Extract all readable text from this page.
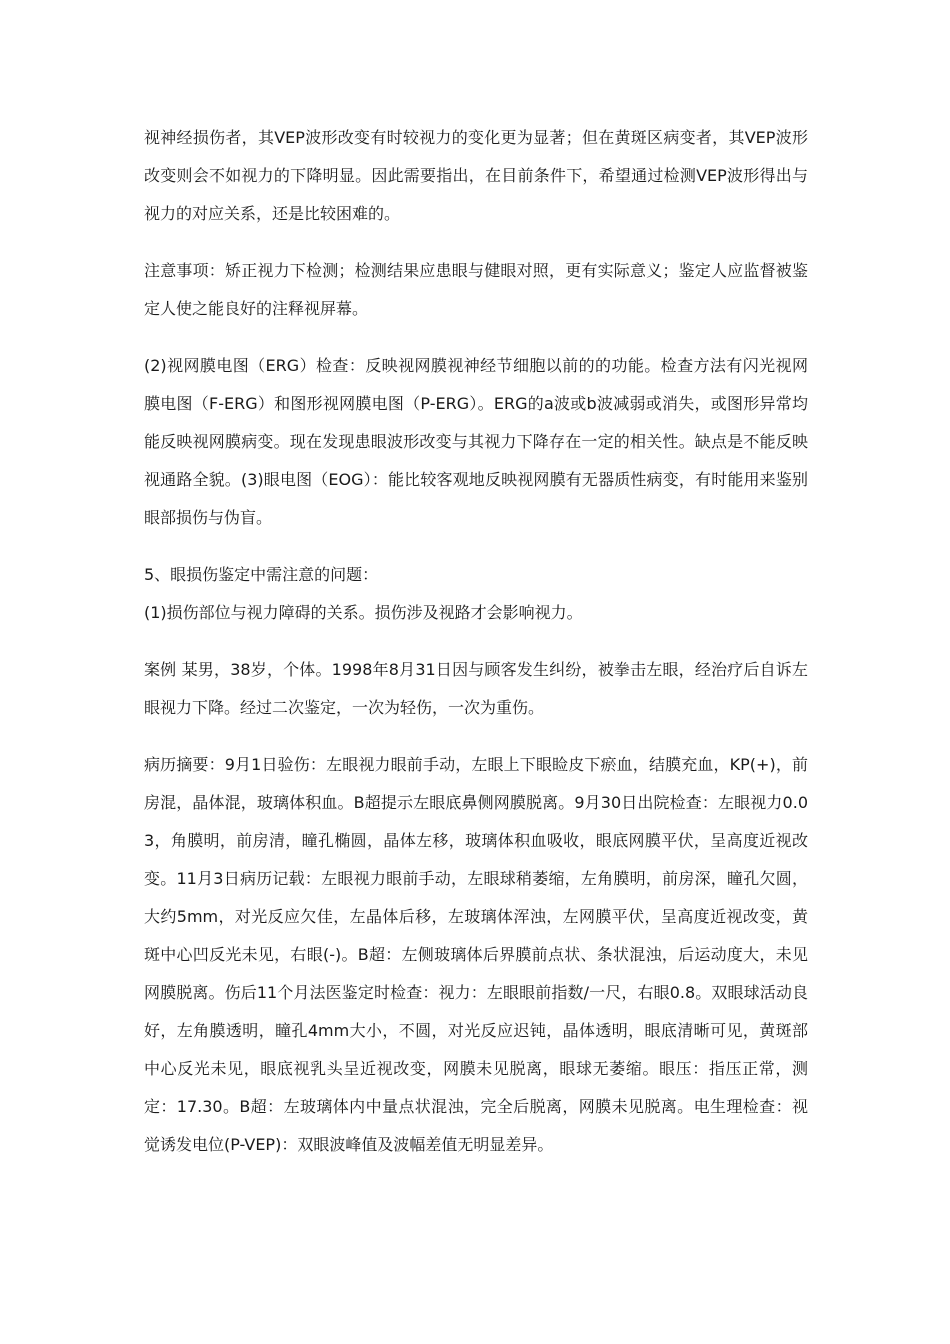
视神经损伤者，其VEP波形改变有时较视力的变化更为显著；但在黄斑区病变者，其VEP波形改变则会不如视力的下降明显。因此需要指出，在目前条件下，希望通过检测VEP波形得出与视力的对应关系，还是比较困难的。

注意事项：矫正视力下检测；检测结果应患眼与健眼对照，更有实际意义；鉴定人应监督被鉴定人使之能良好的注释视屏幕。

(2)视网膜电图（ERG）检查：反映视网膜视神经节细胞以前的的功能。检查方法有闪光视网膜电图（F-ERG）和图形视网膜电图（P-ERG）。ERG的a波或b波减弱或消失，或图形异常均能反映视网膜病变。现在发现患眼波形改变与其视力下降存在一定的相关性。缺点是不能反映视通路全貌。(3)眼电图（EOG）：能比较客观地反映视网膜有无器质性病变，有时能用来鉴别眼部损伤与伪盲。

5、眼损伤鉴定中需注意的问题：

(1)损伤部位与视力障碍的关系。损伤涉及视路才会影响视力。

案例 某男，38岁，个体。1998年8月31日因与顾客发生纠纷，被拳击左眼，经治疗后自诉左眼视力下降。经过二次鉴定，一次为轻伤，一次为重伤。

病历摘要：9月1日验伤：左眼视力眼前手动，左眼上下眼睑皮下瘀血，结膜充血，KP(+)，前房混，晶体混，玻璃体积血。B超提示左眼底鼻侧网膜脱离。9月30日出院检查：左眼视力0.03，角膜明，前房清，瞳孔椭圆，晶体左移，玻璃体积血吸收，眼底网膜平伏，呈高度近视改变。11月3日病历记载：左眼视力眼前手动，左眼球稍萎缩，左角膜明，前房深，瞳孔欠圆，大约5mm，对光反应欠佳，左晶体后移，左玻璃体浑浊，左网膜平伏，呈高度近视改变，黄斑中心凹反光未见，右眼(-)。B超：左侧玻璃体后界膜前点状、条状混浊，后运动度大，未见网膜脱离。伤后11个月法医鉴定时检查：视力：左眼眼前指数/一尺，右眼0.8。双眼球活动良好，左角膜透明，瞳孔4mm大小，不圆，对光反应迟钝，晶体透明，眼底清晰可见，黄斑部中心反光未见，眼底视乳头呈近视改变，网膜未见脱离，眼球无萎缩。眼压：指压正常，测定：17.30。B超：左玻璃体内中量点状混浊，完全后脱离，网膜未见脱离。电生理检查：视觉诱发电位(P-VEP)：双眼波峰值及波幅差值无明显差异。
